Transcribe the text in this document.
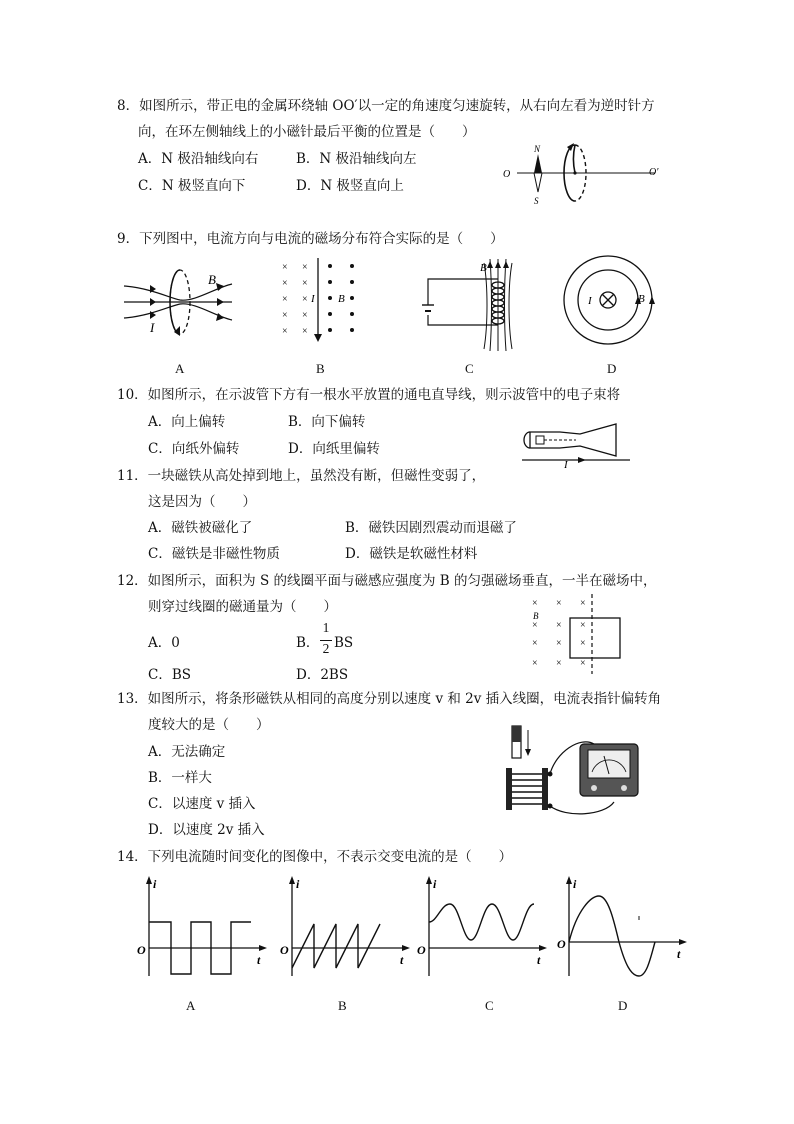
8．如图所示，带正电的金属环绕轴 OO′以一定的角速度匀速旋转，从右向左看为逆时针方
向，在环左侧轴线上的小磁针最后平衡的位置是（　　）
A．N 极沿轴线向右	B．N 极沿轴线向左
C．N 极竖直向下	D．N 极竖直向上
O	O′
N
S
9．下列图中，电流方向与电流的磁场分布符合实际的是（　　）
B
I
× ×
× ×
× ×
× ×
× ×
I B
B
I	B
A	B	C	D
10．如图所示，在示波管下方有一根水平放置的通电直导线，则示波管中的电子束将
A．向上偏转	B．向下偏转
C．向纸外偏转	D．向纸里偏转
I
11．一块磁铁从高处掉到地上，虽然没有断，但磁性变弱了，
这是因为（　　）
A．磁铁被磁化了	B．磁铁因剧烈震动而退磁了
C．磁铁是非磁性物质	D．磁铁是软磁性材料
12．如图所示，面积为 S 的线圈平面与磁感应强度为 B 的匀强磁场垂直，一半在磁场中，
则穿过线圈的磁通量为（　　）
A．0	B．
1
2 BS
C．BS	D．2BS
× × ×
× × ×
× × ×
× × ×
B
13．如图所示，将条形磁铁从相同的高度分别以速度 v 和 2v 插入线圈，电流表指针偏转角
度较大的是（　　）
A．无法确定
B．一样大
C．以速度 v 插入
D．以速度 2v 插入
14．下列电流随时间变化的图像中，不表示交变电流的是（　　）
i
O
t
i
O
t
i
O
t
i
O
t
A	B	C	D
